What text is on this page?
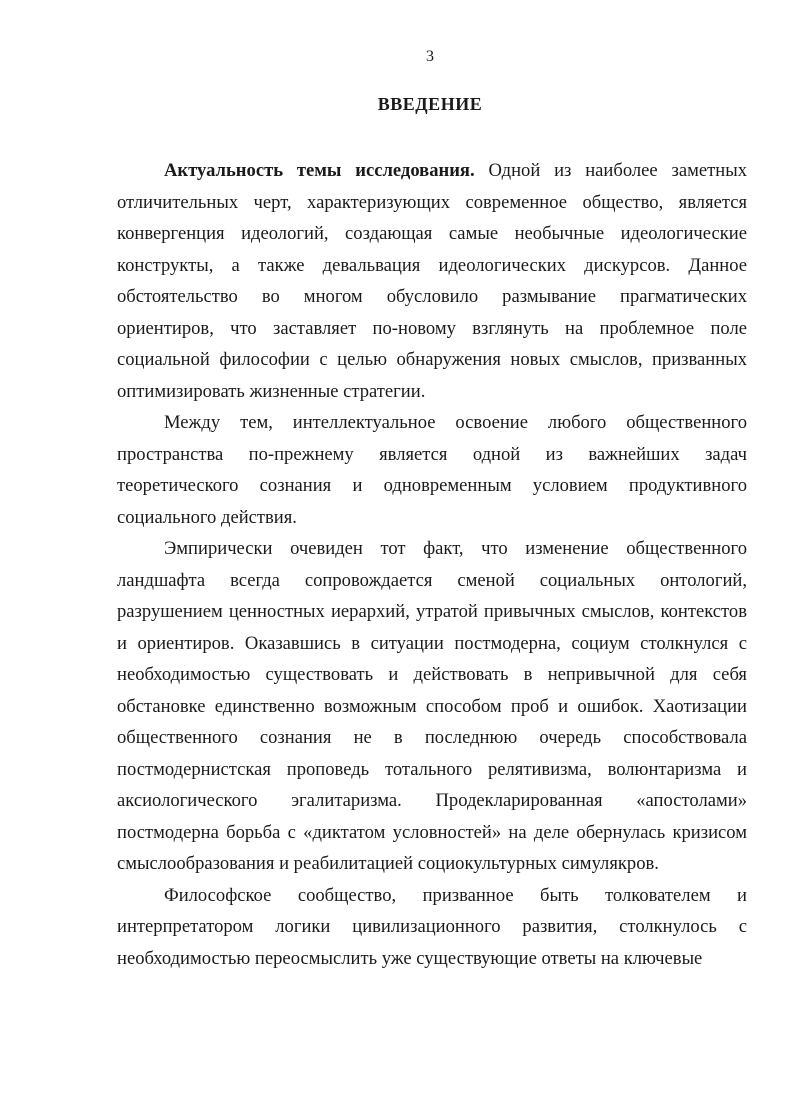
3
ВВЕДЕНИЕ

Актуальность темы исследования. Одной из наиболее заметных отличительных черт, характеризующих современное общество, является конвергенция идеологий, создающая самые необычные идеологические конструкты, а также девальвация идеологических дискурсов. Данное обстоятельство во многом обусловило размывание прагматических ориентиров, что заставляет по-новому взглянуть на проблемное поле социальной философии с целью обнаружения новых смыслов, призванных оптимизировать жизненные стратегии.

Между тем, интеллектуальное освоение любого общественного пространства по-прежнему является одной из важнейших задач теоретического сознания и одновременным условием продуктивного социального действия.

Эмпирически очевиден тот факт, что изменение общественного ландшафта всегда сопровождается сменой социальных онтологий, разрушением ценностных иерархий, утратой привычных смыслов, контекстов и ориентиров. Оказавшись в ситуации постмодерна, социум столкнулся с необходимостью существовать и действовать в непривычной для себя обстановке единственно возможным способом проб и ошибок. Хаотизации общественного сознания не в последнюю очередь способствовала постмодернистская проповедь тотального релятивизма, волюнтаризма и аксиологического эгалитаризма. Продекларированная «апостолами» постмодерна борьба с «диктатом условностей» на деле обернулась кризисом смыслообразования и реабилитацией социокультурных симулякров.

Философское сообщество, призванное быть толкователем и интерпретатором логики цивилизационного развития, столкнулось с необходимостью переосмыслить уже существующие ответы на ключевые
